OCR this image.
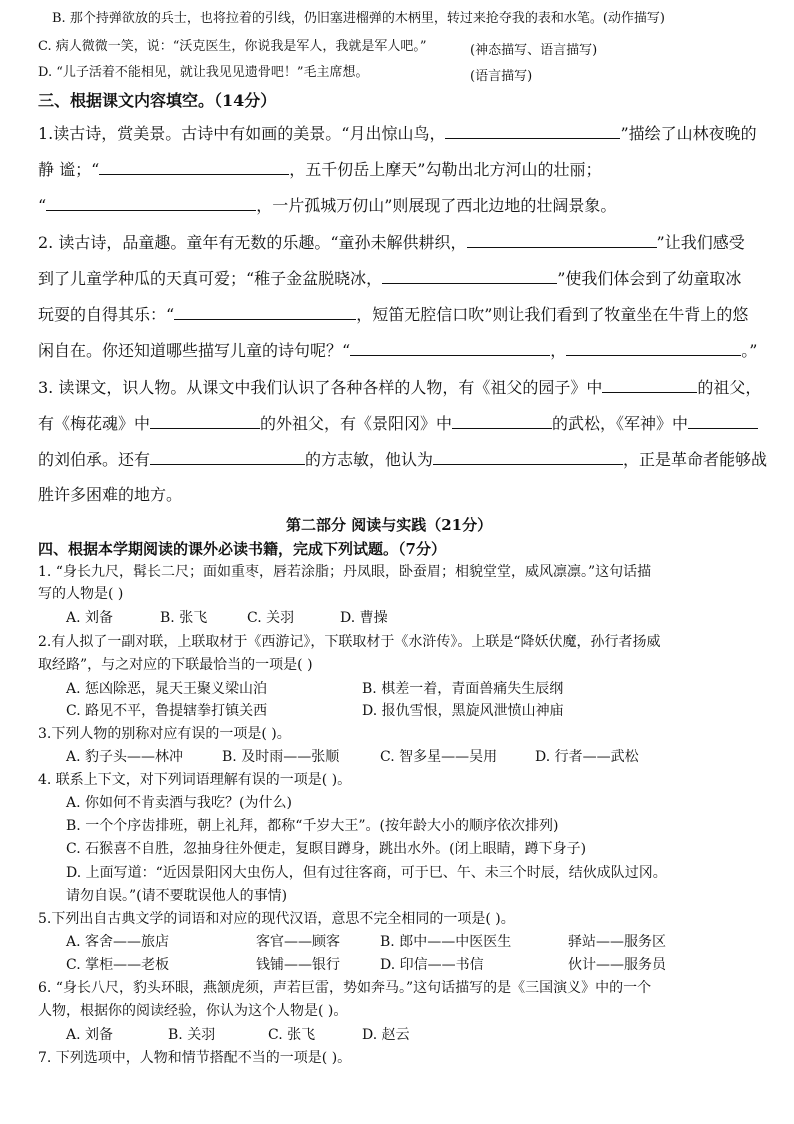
B. 那个持弹欲放的兵士，也将拉着的引线，仍旧塞进榴弹的木柄里，转过来抢夺我的表和水笔。(动作描写)
C. 病人微微一笑，说：“沃克医生，你说我是军人，我就是军人吧。”	(神态描写、语言描写)
D. “儿子活着不能相见，就让我见见遗骨吧！”毛主席想。	(语言描写)
三、根据课文内容填空。（14分）
1.读古诗，赏美景。古诗中有如画的美景。“月出惊山鸟，	”描绘了山林夜晚的
静 谧；“	，五千仞岳上摩天”勾勒出北方河山的壮丽；
“	，一片孤城万仞山”则展现了西北边地的壮阔景象。
2. 读古诗，品童趣。童年有无数的乐趣。“童孙未解供耕织，	”让我们感受
到了儿童学种瓜的天真可爱；“稚子金盆脱晓冰，	”使我们体会到了幼童取冰
玩耍的自得其乐：“	，短笛无腔信口吹”则让我们看到了牧童坐在牛背上的悠
闲自在。你还知道哪些描写儿童的诗句呢？“	，	。”
3. 读课文，识人物。从课文中我们认识了各种各样的人物，有《祖父的园子》中	的祖父，
有《梅花魂》中	的外祖父，有《景阳冈》中	的武松，《军神》中
的刘伯承。还有	的方志敏，他认为	，正是革命者能够战
胜许多困难的地方。
第二部分 阅读与实践（21分）
四、根据本学期阅读的课外必读书籍，完成下列试题。（7分）
1. “身长九尺，髯长二尺；面如重枣，唇若涂脂；丹凤眼，卧蚕眉；相貌堂堂，威风凛凛。”这句话描
写的人物是( )
A. 刘备	B. 张飞	C. 关羽	D. 曹操
2.有人拟了一副对联，上联取材于《西游记》，下联取材于《水浒传》。上联是“降妖伏魔，孙行者扬威
取经路”，与之对应的下联最恰当的一项是( )
A. 惩凶除恶，晁天王聚义梁山泊	B. 棋差一着，青面兽痛失生辰纲
C. 路见不平，鲁提辖拳打镇关西	D. 报仇雪恨，黑旋风泄愤山神庙
3.下列人物的别称对应有误的一项是( )。
A. 豹子头——林冲	B. 及时雨——张顺	C. 智多星——吴用	D. 行者——武松
4. 联系上下文，对下列词语理解有误的一项是( )。
A. 你如何不肯卖酒与我吃？(为什么)
B. 一个个序齿排班，朝上礼拜，都称“千岁大王”。(按年龄大小的顺序依次排列)
C. 石猴喜不自胜，忽抽身往外便走，复瞑目蹲身，跳出水外。(闭上眼睛，蹲下身子)
D. 上面写道：“近因景阳冈大虫伤人，但有过往客商，可于巳、午、未三个时辰，结伙成队过冈。
请勿自误。”(请不要耽误他人的事情)
5.下列出自古典文学的词语和对应的现代汉语，意思不完全相同的一项是( )。
A. 客舍——旅店	客官——顾客	B. 郎中——中医医生	驿站——服务区
C. 掌柜——老板	钱铺——银行	D. 印信——书信	伙计——服务员
6. “身长八尺，豹头环眼，燕颔虎须，声若巨雷，势如奔马。”这句话描写的是《三国演义》中的一个
人物，根据你的阅读经验，你认为这个人物是( )。
A. 刘备	B. 关羽	C. 张飞	D. 赵云
7. 下列选项中，人物和情节搭配不当的一项是( )。
